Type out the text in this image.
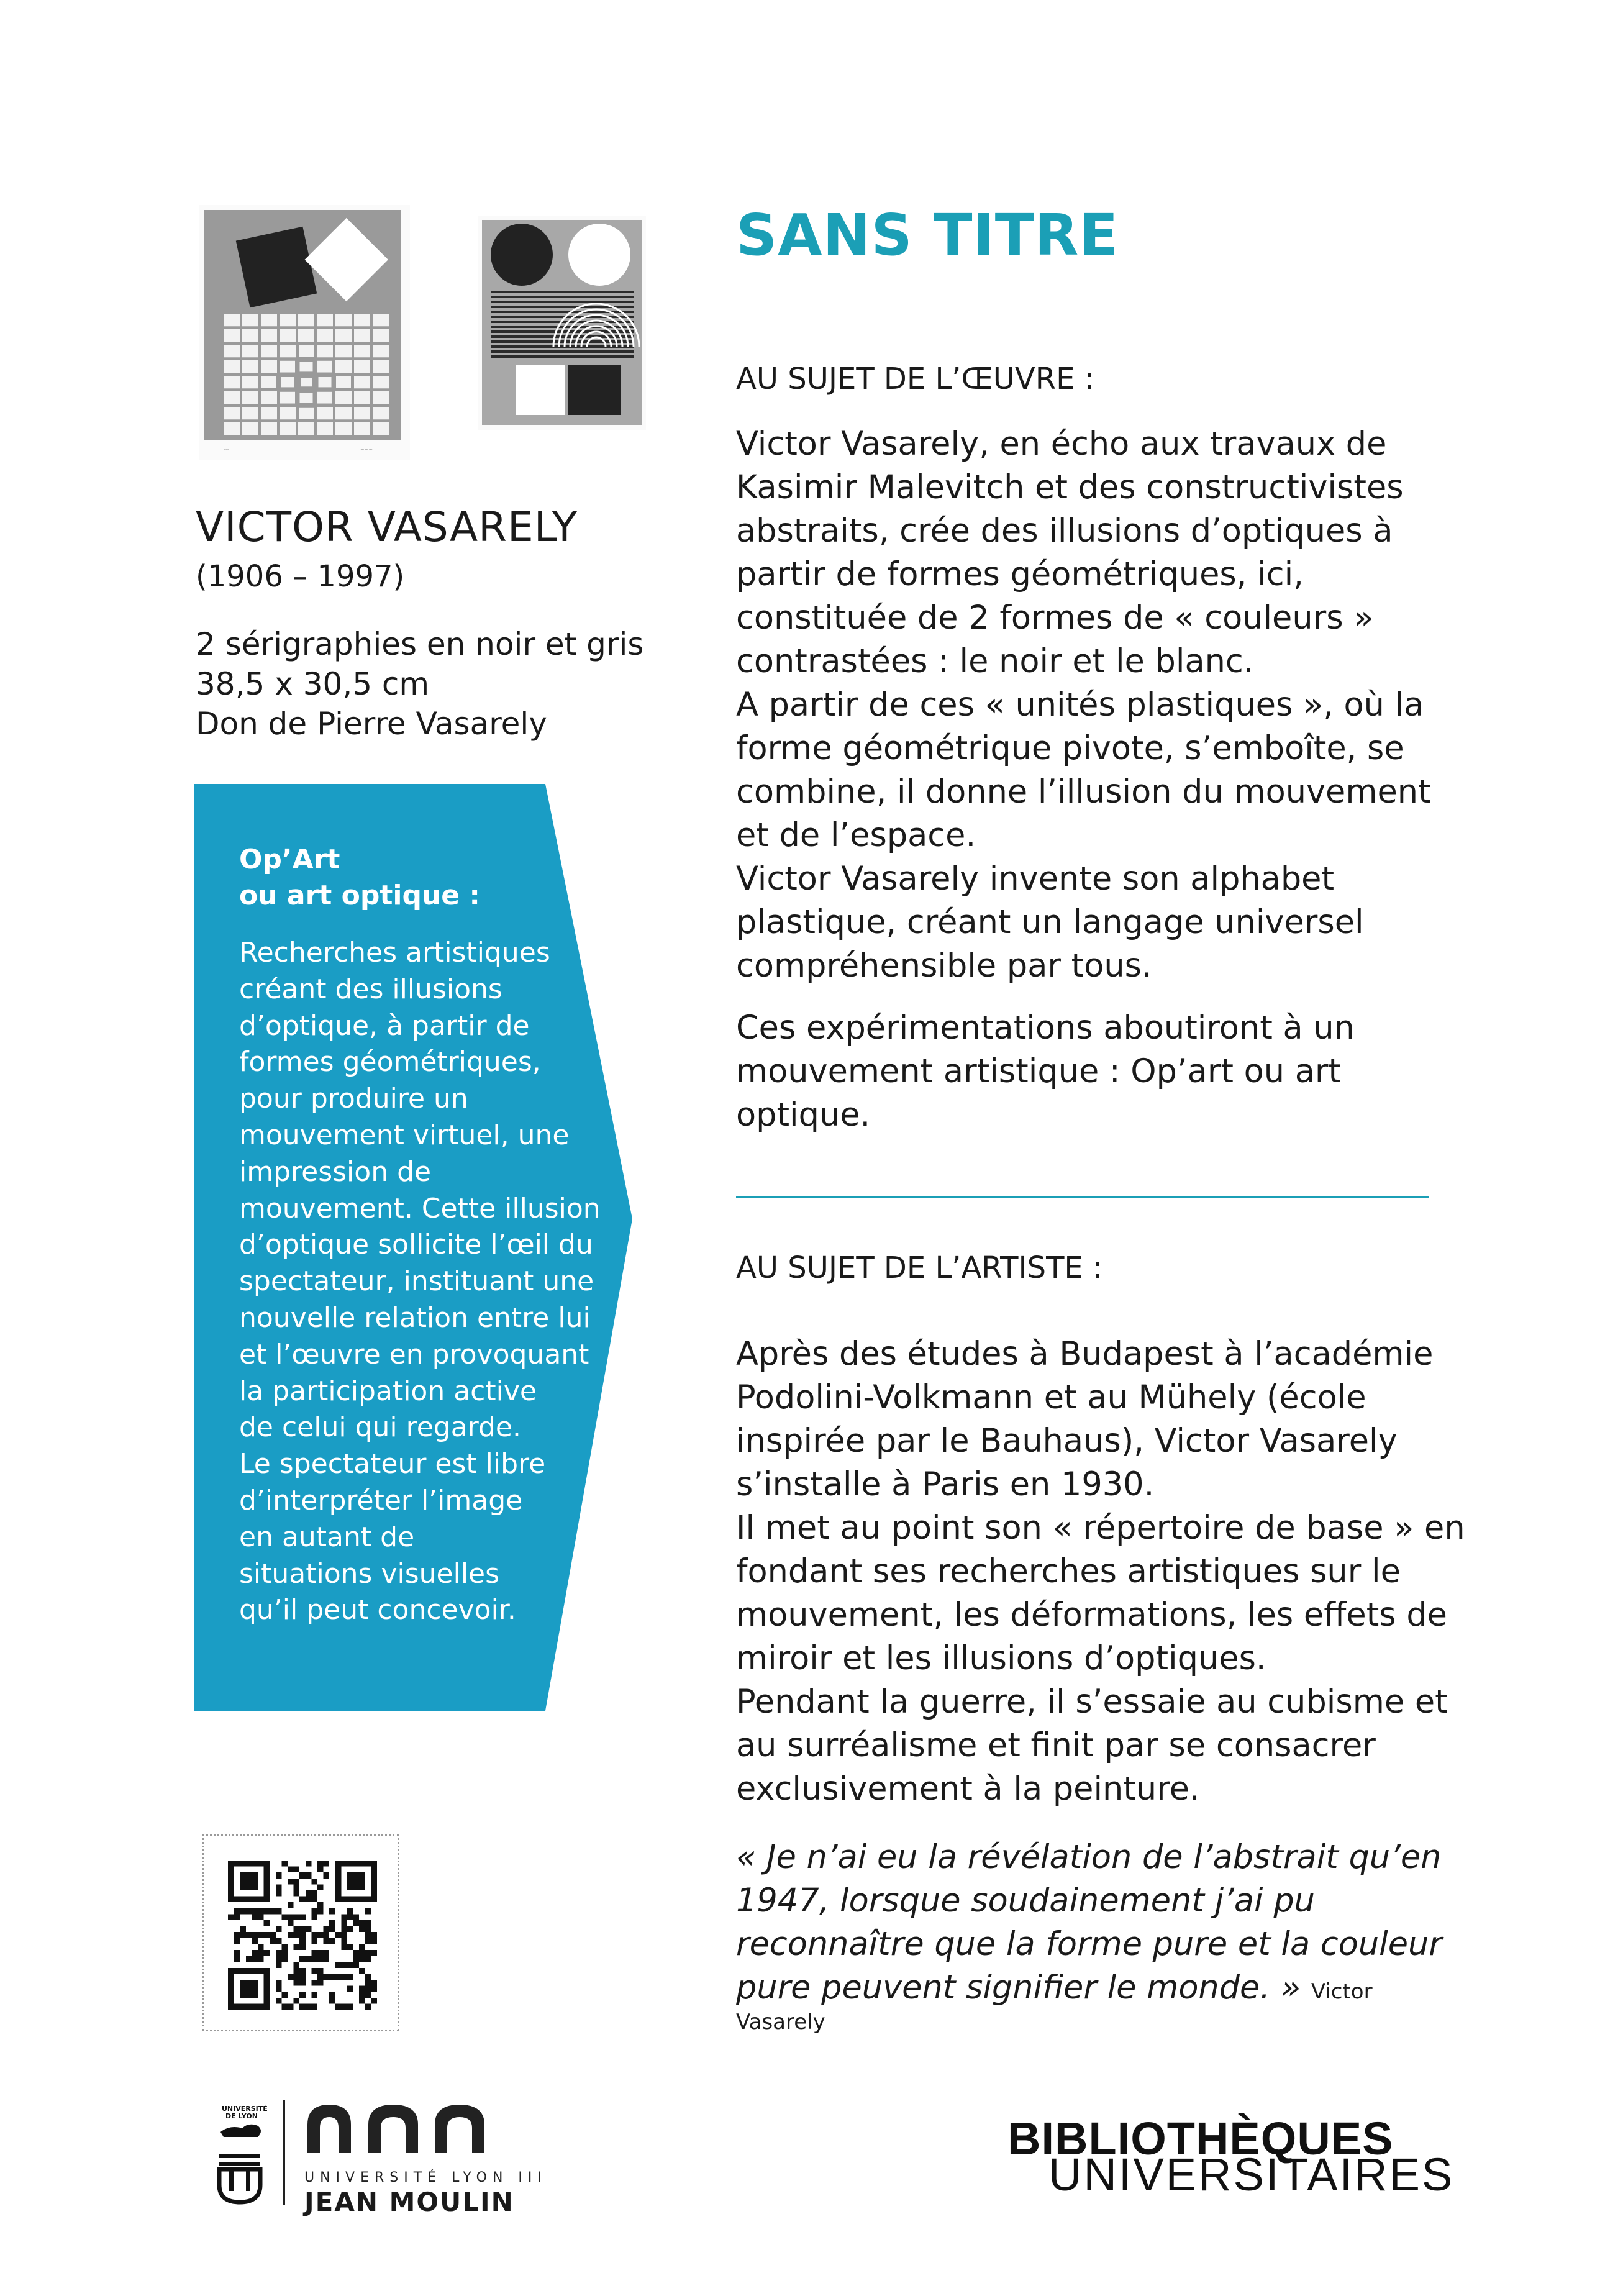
---	~~~
VICTOR VASARELY
(1906 – 1997)
2 sérigraphies en noir et gris
38,5 x 30,5 cm
Don de Pierre Vasarely
Op’Art
ou art optique :
Recherches artistiques
créant des illusions
d’optique, à partir de
formes géométriques,
pour produire un
mouvement virtuel, une
impression de
mouvement. Cette illusion
d’optique sollicite l’œil du
spectateur, instituant une
nouvelle relation entre lui
et l’œuvre en provoquant
la participation active
de celui qui regarde.
Le spectateur est libre
d’interpréter l’image
en autant de
situations visuelles
qu’il peut concevoir.
SANS TITRE
AU SUJET DE L’ŒUVRE :
Victor Vasarely, en écho aux travaux de
Kasimir Malevitch et des constructivistes
abstraits, crée des illusions d’optiques à
partir de formes géométriques, ici,
constituée de 2 formes de « couleurs »
contrastées : le noir et le blanc.
A partir de ces « unités plastiques », où la
forme géométrique pivote, s’emboîte, se
combine, il donne l’illusion du mouvement
et de l’espace.
Victor Vasarely invente son alphabet
plastique, créant un langage universel
compréhensible par tous.
Ces expérimentations aboutiront à un
mouvement artistique : Op’art ou art
optique.
AU SUJET DE L’ARTISTE :
Après des études à Budapest à l’académie
Podolini-Volkmann et au Mühely (école
inspirée par le Bauhaus), Victor Vasarely
s’installe à Paris en 1930.
Il met au point son « répertoire de base » en
fondant ses recherches artistiques sur le
mouvement, les déformations, les effets de
miroir et les illusions d’optiques.
Pendant la guerre, il s’essaie au cubisme et
au surréalisme et finit par se consacrer
exclusivement à la peinture.
« Je n’ai eu la révélation de l’abstrait qu’en
1947, lorsque soudainement j’ai pu
reconnaître que la forme pure et la couleur
pure peuvent signifier le monde. » Victor
Vasarely
UNIVERSITÉ
DE LYON
UNIVERSITÉ LYON III
JEAN MOULIN
BIBLIOTHÈQUES
UNIVERSITAIRES
